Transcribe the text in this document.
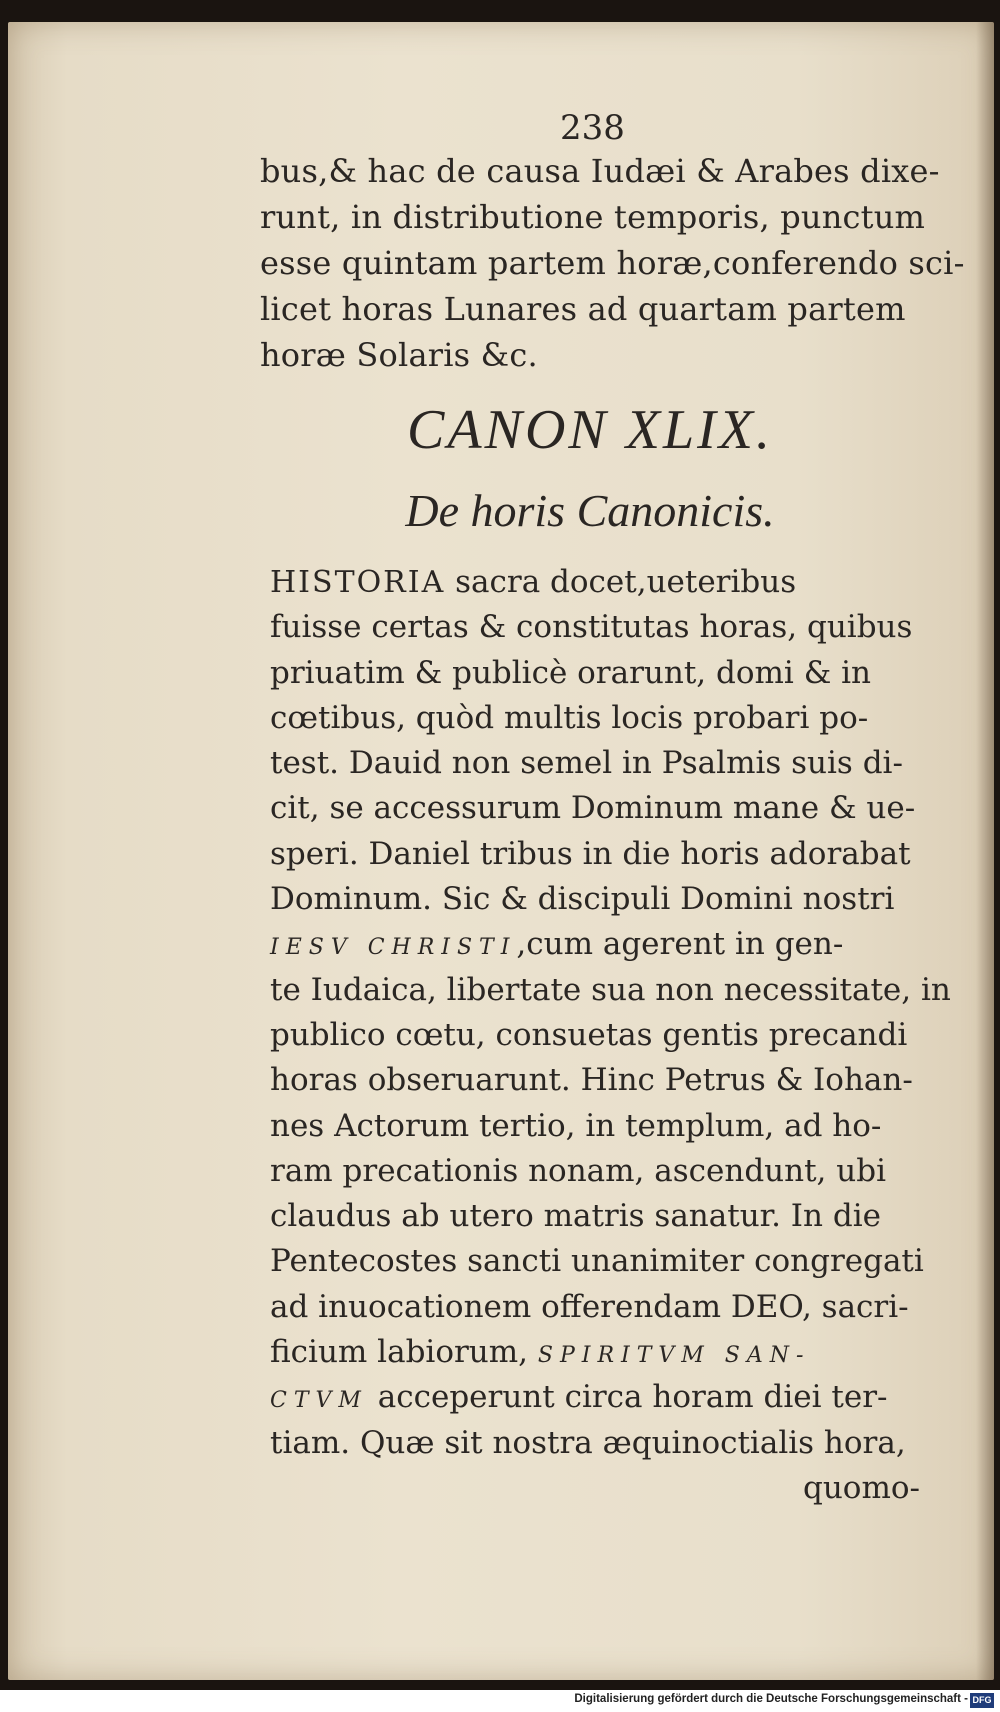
238
bus,& hac de causa Iudæi & Arabes dixe-
runt, in distributione temporis, punctum
esse quintam partem horæ,conferendo sci-
licet horas Lunares ad quartam partem
horæ Solaris &c.
CANON XLIX.
De horis Canonicis.
HISTORIA sacra docet,ueteribus
fuisse certas & constitutas horas, quibus
priuatim & publicè orarunt, domi & in
cœtibus, quòd multis locis probari po-
test. Dauid non semel in Psalmis suis di-
cit, se accessurum Dominum mane & ue-
speri. Daniel tribus in die horis adorabat
Dominum. Sic & discipuli Domini nostri
IESV CHRISTI,cum agerent in gen-
te Iudaica, libertate sua non necessitate, in
publico cœtu, consuetas gentis precandi
horas obseruarunt. Hinc Petrus & Iohan-
nes Actorum tertio, in templum, ad ho-
ram precationis nonam, ascendunt, ubi
claudus ab utero matris sanatur. In die
Pentecostes sancti unanimiter congregati
ad inuocationem offerendam DEO, sacri-
ficium labiorum, SPIRITVM SAN-
CTVM acceperunt circa horam diei ter-
tiam. Quæ sit nostra æquinoctialis hora,
quomo-
Digitalisierung gefördert durch die Deutsche Forschungsgemeinschaft - DFG
